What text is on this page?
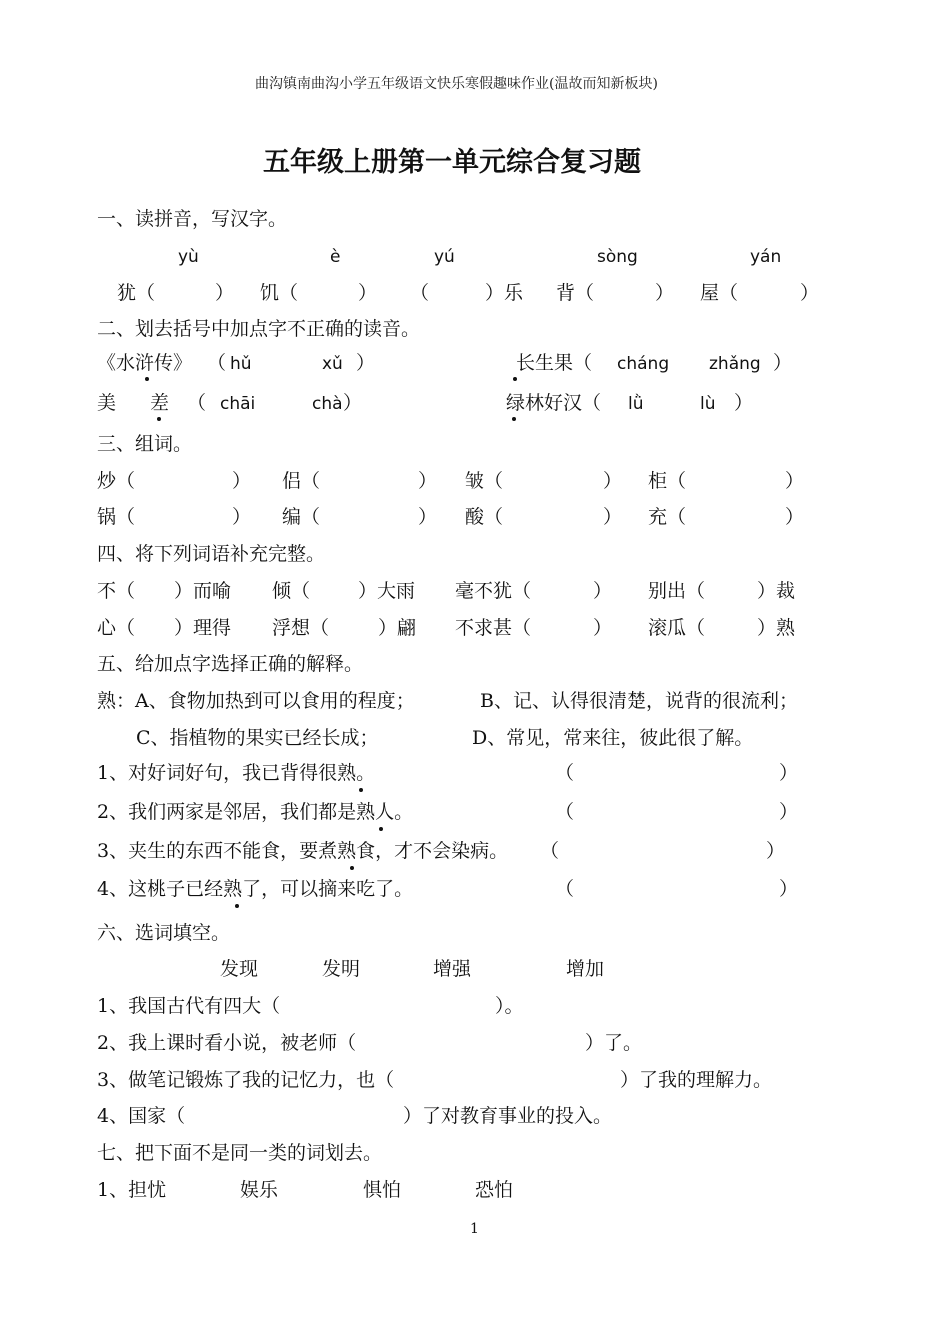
曲沟镇南曲沟小学五年级语文快乐寒假趣味作业(温故而知新板块)
五年级上册第一单元综合复习题
一、读拼音，写汉字。
yù	è	yú	sòng	yán
犹（	） 饥（	） （	）乐 背（	） 屋（	）
二、划去括号中加点字不正确的读音。
《水浒传》 （ hǔ	xǔ ）	长生果（ cháng zhǎng ）
美 差 （ chāi	chà ）	绿林好汉（ lǜ	lù ）
三、组词。
炒（	） 侣（	） 皱（	） 柜（	）
锅（	） 编（	） 酸（	） 充（	）
四、将下列词语补充完整。
不（ ）而喻 倾（	）大雨 毫不犹（	） 别出（	）裁
心（ ）理得 浮想（	）翩 不求甚（	） 滚瓜（	）熟
五、给加点字选择正确的解释。
熟：A、食物加热到可以食用的程度；	B、记、认得很清楚，说背的很流利；
C、指植物的果实已经长成；	D、常见，常来往，彼此很了解。
1、对好词好句，我已背得很熟。	（	）
2、我们两家是邻居，我们都是熟人。	（	）
3、夹生的东西不能食，要煮熟食，才不会染病。 （	）
4、这桃子已经熟了，可以摘来吃了。	（	）
六、选词填空。
发现	发明	增强	增加
1、我国古代有四大（	）。
2、我上课时看小说，被老师（	）了。
3、做笔记锻炼了我的记忆力，也（	）了我的理解力。
4、国家（	）了对教育事业的投入。
七、把下面不是同一类的词划去。
1、担忧	娱乐	惧怕	恐怕
1
